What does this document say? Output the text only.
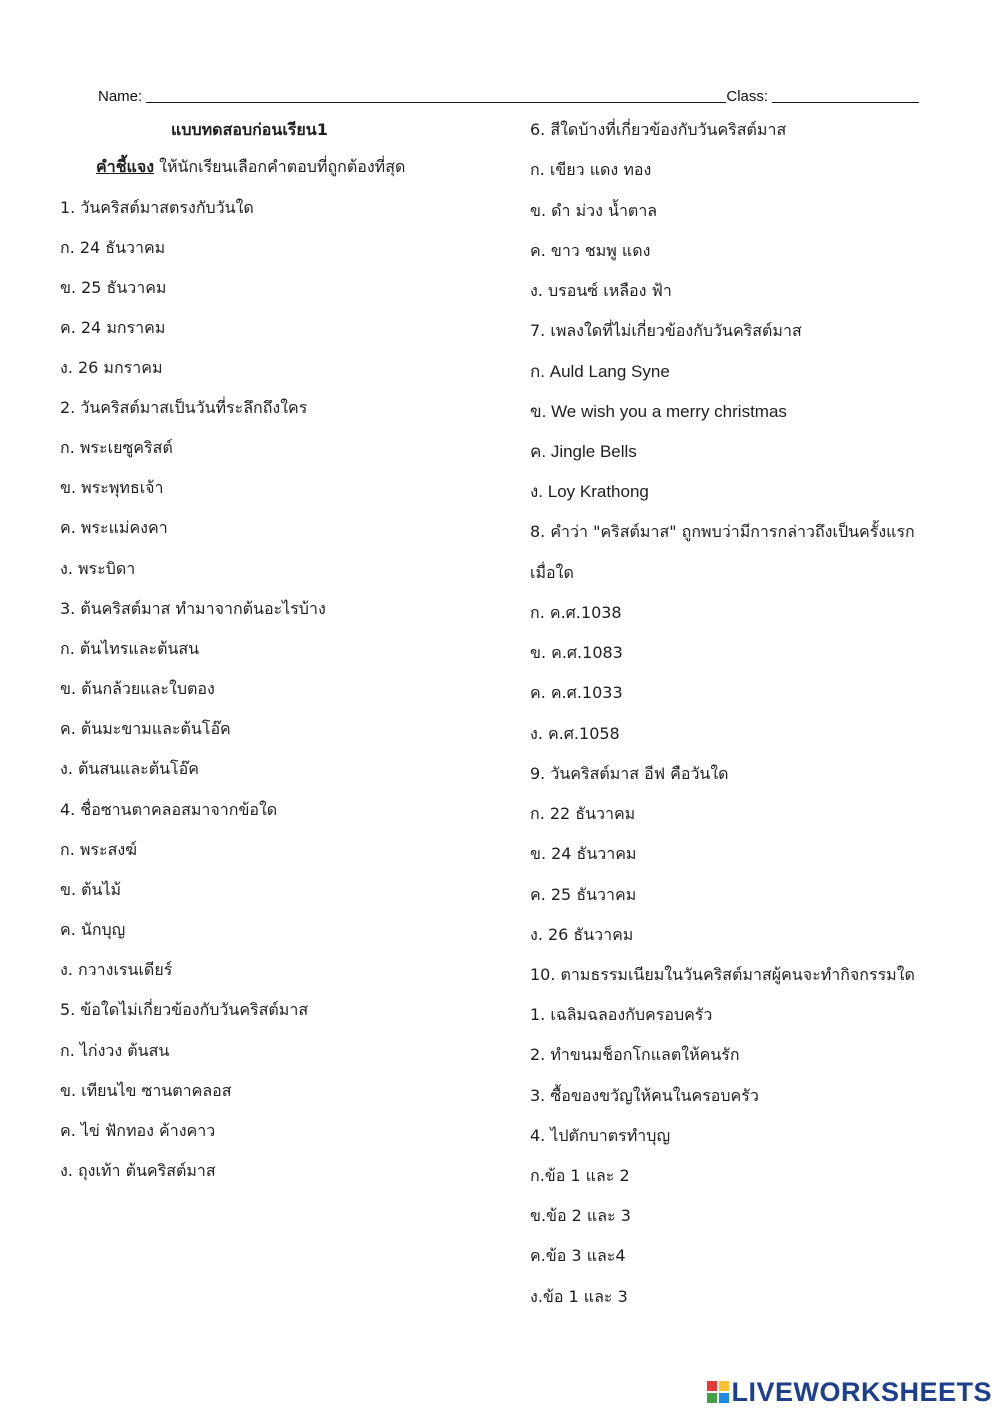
Name:	Class:
แบบทดสอบก่อนเรียน1
คำชี้แจง ให้นักเรียนเลือกคำตอบที่ถูกต้องที่สุด
1. วันคริสต์มาสตรงกับวันใด
ก. 24 ธันวาคม
ข. 25 ธันวาคม
ค. 24 มกราคม
ง. 26 มกราคม
2. วันคริสต์มาสเป็นวันที่ระลึกถึงใคร
ก. พระเยซูคริสต์
ข. พระพุทธเจ้า
ค. พระแม่คงคา
ง. พระบิดา
3. ต้นคริสต์มาส ทำมาจากต้นอะไรบ้าง
ก. ต้นไทรและต้นสน
ข. ต้นกล้วยและใบตอง
ค. ต้นมะขามและต้นโอ๊ค
ง. ต้นสนและต้นโอ๊ค
4. ชื่อซานตาคลอสมาจากข้อใด
ก. พระสงฆ์
ข. ต้นไม้
ค. นักบุญ
ง. กวางเรนเดียร์
5. ข้อใดไม่เกี่ยวข้องกับวันคริสต์มาส
ก. ไก่งวง ต้นสน
ข. เทียนไข ซานตาคลอส
ค. ไข่ ฟักทอง ค้างคาว
ง. ถุงเท้า ต้นคริสต์มาส
6. สีใดบ้างที่เกี่ยวข้องกับวันคริสต์มาส
ก. เขียว แดง ทอง
ข. ดำ ม่วง น้ำตาล
ค. ขาว ชมพู แดง
ง. บรอนซ์ เหลือง ฟ้า
7. เพลงใดที่ไม่เกี่ยวข้องกับวันคริสต์มาส
ก. Auld Lang Syne
ข. We wish you a merry christmas
ค. Jingle Bells
ง. Loy Krathong
8. คำว่า "คริสต์มาส" ถูกพบว่ามีการกล่าวถึงเป็นครั้งแรก
เมื่อใด
ก. ค.ศ.1038
ข. ค.ศ.1083
ค. ค.ศ.1033
ง. ค.ศ.1058
9. วันคริสต์มาส อีฟ คือวันใด
ก. 22 ธันวาคม
ข. 24 ธันวาคม
ค. 25 ธันวาคม
ง. 26 ธันวาคม
10. ตามธรรมเนียมในวันคริสต์มาสผู้คนจะทำกิจกรรมใด
1. เฉลิมฉลองกับครอบครัว
2. ทำขนมช็อกโกแลตให้คนรัก
3. ซื้อของขวัญให้คนในครอบครัว
4. ไปตักบาตรทำบุญ
ก.ข้อ 1 และ 2
ข.ข้อ 2 และ 3
ค.ข้อ 3 และ4
ง.ข้อ 1 และ 3
LIVEWORKSHEETS
